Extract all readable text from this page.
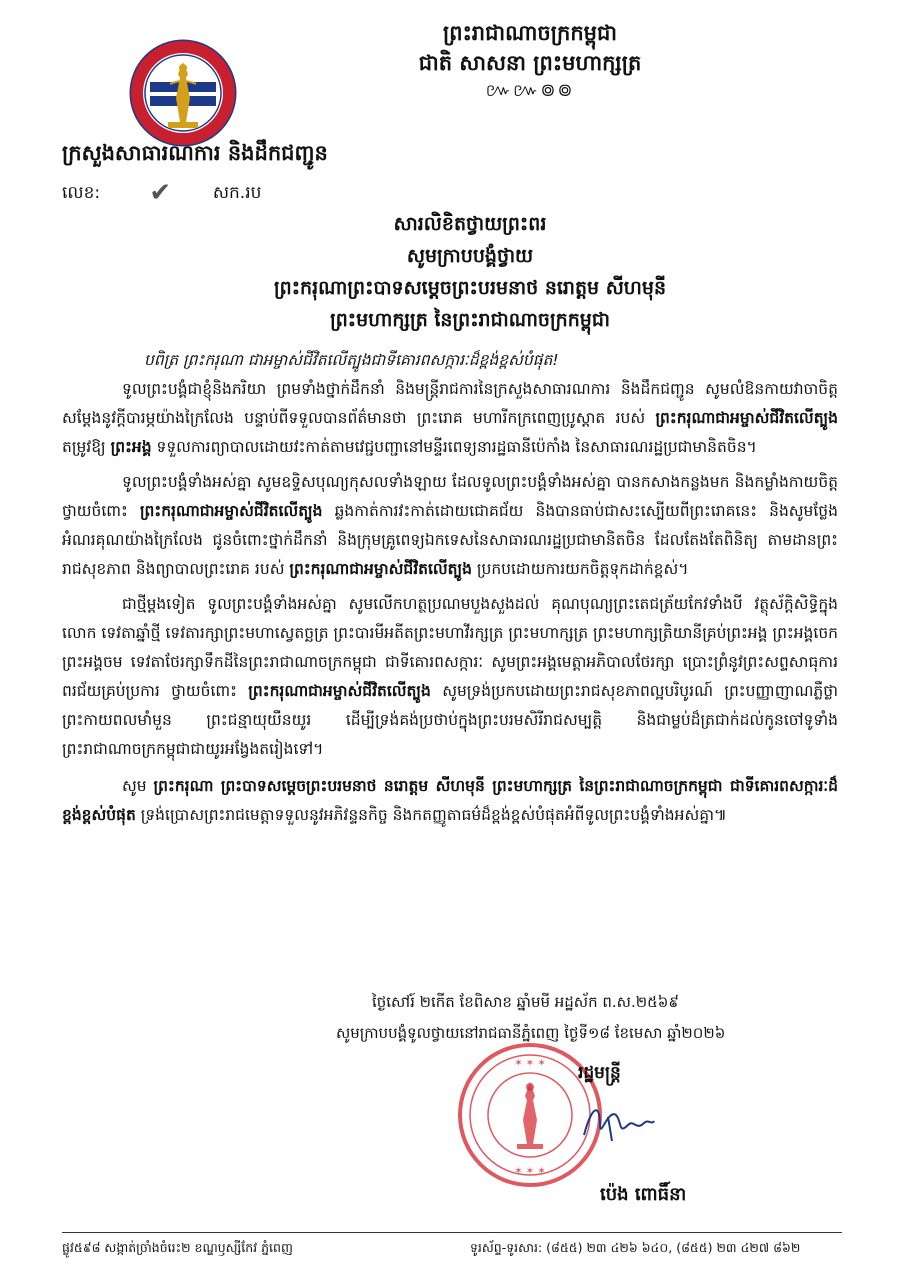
ព្រះរាជាណាចក្រកម្ពុជា
ជាតិ សាសនា ព្រះមហាក្សត្រ
៚៚៙៙
ក្រសួងសាធារណការ និងដឹកជញ្ជូន
លេខ: ✔ សក.រប
សារលិខិតថ្វាយព្រះពរ
សូមក្រាបបង្គំថ្វាយ
ព្រះករុណាព្រះបាទសម្តេចព្រះបរមនាថ នរោត្តម សីហមុនី
ព្រះមហាក្សត្រ នៃព្រះរាជាណាចក្រកម្ពុជា
បពិត្រ ព្រះករុណា ជាអម្ចាស់ជីវិតលើត្បូងជាទីគោរពសក្ការៈដ៏ខ្ពង់ខ្ពស់បំផុត!

ទូលព្រះបង្គំជាខ្ញុំនិងភរិយា ព្រមទាំងថ្នាក់ដឹកនាំ និងមន្ត្រីរាជការនៃក្រសួងសាធារណការ និងដឹកជញ្ជូន សូមលំឱនកាយវាចាចិត្ត សម្តែងនូវក្តីបារម្ភយ៉ាងក្រៃលែង បន្ទាប់ពីទទួលបានព័ត៌មានថា ព្រះរោគ មហារីកក្រពេញប្រូស្តាត របស់ ព្រះករុណាជាអម្ចាស់ជីវិតលើត្បូង តម្រូវឱ្យ ព្រះអង្គ ទទួលការព្យាបាលដោយវះកាត់តាមវេជ្ជបញ្ជានៅមន្ទីរពេទ្យនារដ្ឋធានីប៉េកាំង នៃសាធារណរដ្ឋប្រជាមានិតចិន។

ទូលព្រះបង្គំទាំងអស់គ្នា សូមឧទ្ទិសបុណ្យកុសលទាំងឡាយ ដែលទូលព្រះបង្គំទាំងអស់គ្នា បានកសាងកន្លងមក និងកម្លាំងកាយចិត្ត ថ្វាយចំពោះ ព្រះករុណាជាអម្ចាស់ជីវិតលើត្បូង ឆ្លងកាត់ការវះកាត់ដោយជោគជ័យ និងបានធាប់ជាសះស្បើយពីព្រះរោគនេះ និងសូមថ្លែងអំណរគុណយ៉ាងក្រៃលែង ជូនចំពោះថ្នាក់ដឹកនាំ និងក្រុមគ្រូពេទ្យឯកទេសនៃសាធារណរដ្ឋប្រជាមានិតចិន ដែលតែងតែពិនិត្យ តាមដានព្រះរាជសុខភាព និងព្យាបាលព្រះរោគ របស់ ព្រះករុណាជាអម្ចាស់ជីវិតលើត្បូង ប្រកបដោយការយកចិត្តទុកដាក់ខ្ពស់។

ជាថ្មីម្តងទៀត ទូលព្រះបង្គំទាំងអស់គ្នា សូមលើកហត្ថប្រណមបួងសួងដល់ គុណបុណ្យព្រះតេជត្រ័យកែវទាំងបី វត្ថុស័ក្តិសិទ្ធិក្នុងលោក ទេវតាឆ្នាំថ្មី ទេវតារក្សាព្រះមហាស្វេតច្ឆត្រ ព្រះបារមីអតីតព្រះមហាវីរក្សត្រ ព្រះមហាក្សត្រ ព្រះមហាក្សត្រិយានីគ្រប់ព្រះអង្គ ព្រះអង្គចេកព្រះអង្គចម ទេវតាថែរក្សាទឹកដីនៃព្រះរាជាណាចក្រកម្ពុជា ជាទីគោរពសក្ការៈ សូមព្រះអង្គមេត្តាអភិបាលថែរក្សា ប្រោះព្រំនូវព្រះសព្ទសាធុការពរជ័យគ្រប់ប្រការ ថ្វាយចំពោះ ព្រះករុណាជាអម្ចាស់ជីវិតលើត្បូង សូមទ្រង់ប្រកបដោយព្រះរាជសុខភាពល្អបរិបូរណ៍ ព្រះបញ្ញាញាណភ្លឺថ្លា ព្រះកាយពលមាំមួន ព្រះជន្មាយុយឺនយូរ ដើម្បីទ្រង់គង់ប្រថាប់ក្នុងព្រះបរមសិរីរាជសម្បត្តិ និងជាម្លប់ដ៏ត្រជាក់ដល់កូនចៅទូទាំងព្រះរាជាណាចក្រកម្ពុជាជាយូរអង្វែងតរៀងទៅ។

សូម ព្រះករុណា ព្រះបាទសម្តេចព្រះបរមនាថ នរោត្តម សីហមុនី ព្រះមហាក្សត្រ នៃព្រះរាជាណាចក្រកម្ពុជា ជាទីគោរពសក្ការៈដ៏ខ្ពង់ខ្ពស់បំផុត ទ្រង់ប្រោសព្រះរាជមេត្តាទទួលនូវអភិវន្ទនកិច្ច និងកតញ្ញូតាធម៌ដ៏ខ្ពង់ខ្ពស់បំផុតអំពីទូលព្រះបង្គំទាំងអស់គ្នា៕

ថ្ងៃសៅរ៍ ២កើត ខែពិសាខ ឆ្នាំមមី អដ្ឋស័ក ព.ស.២៥៦៩
សូមក្រាបបង្គំទូលថ្វាយនៅរាជធានីភ្នំពេញ ថ្ងៃទី១៨ ខែមេសា ឆ្នាំ២០២៦
✶ ✶ ✶
✶ ✶ ✶
រដ្ឋមន្ត្រី
ប៉េង ពោធិ៍នា
ផ្លូវ៥៩៨ សង្កាត់ច្រាំងចំរេះ២ ខណ្ឌឫស្សីកែវ ភ្នំពេញ	ទូរស័ព្ទ-ទូរសារ: (៨៥៥) ២៣ ៤២៦ ៦៤០, (៨៥៥) ២៣ ៤២៧ ៨៦២
